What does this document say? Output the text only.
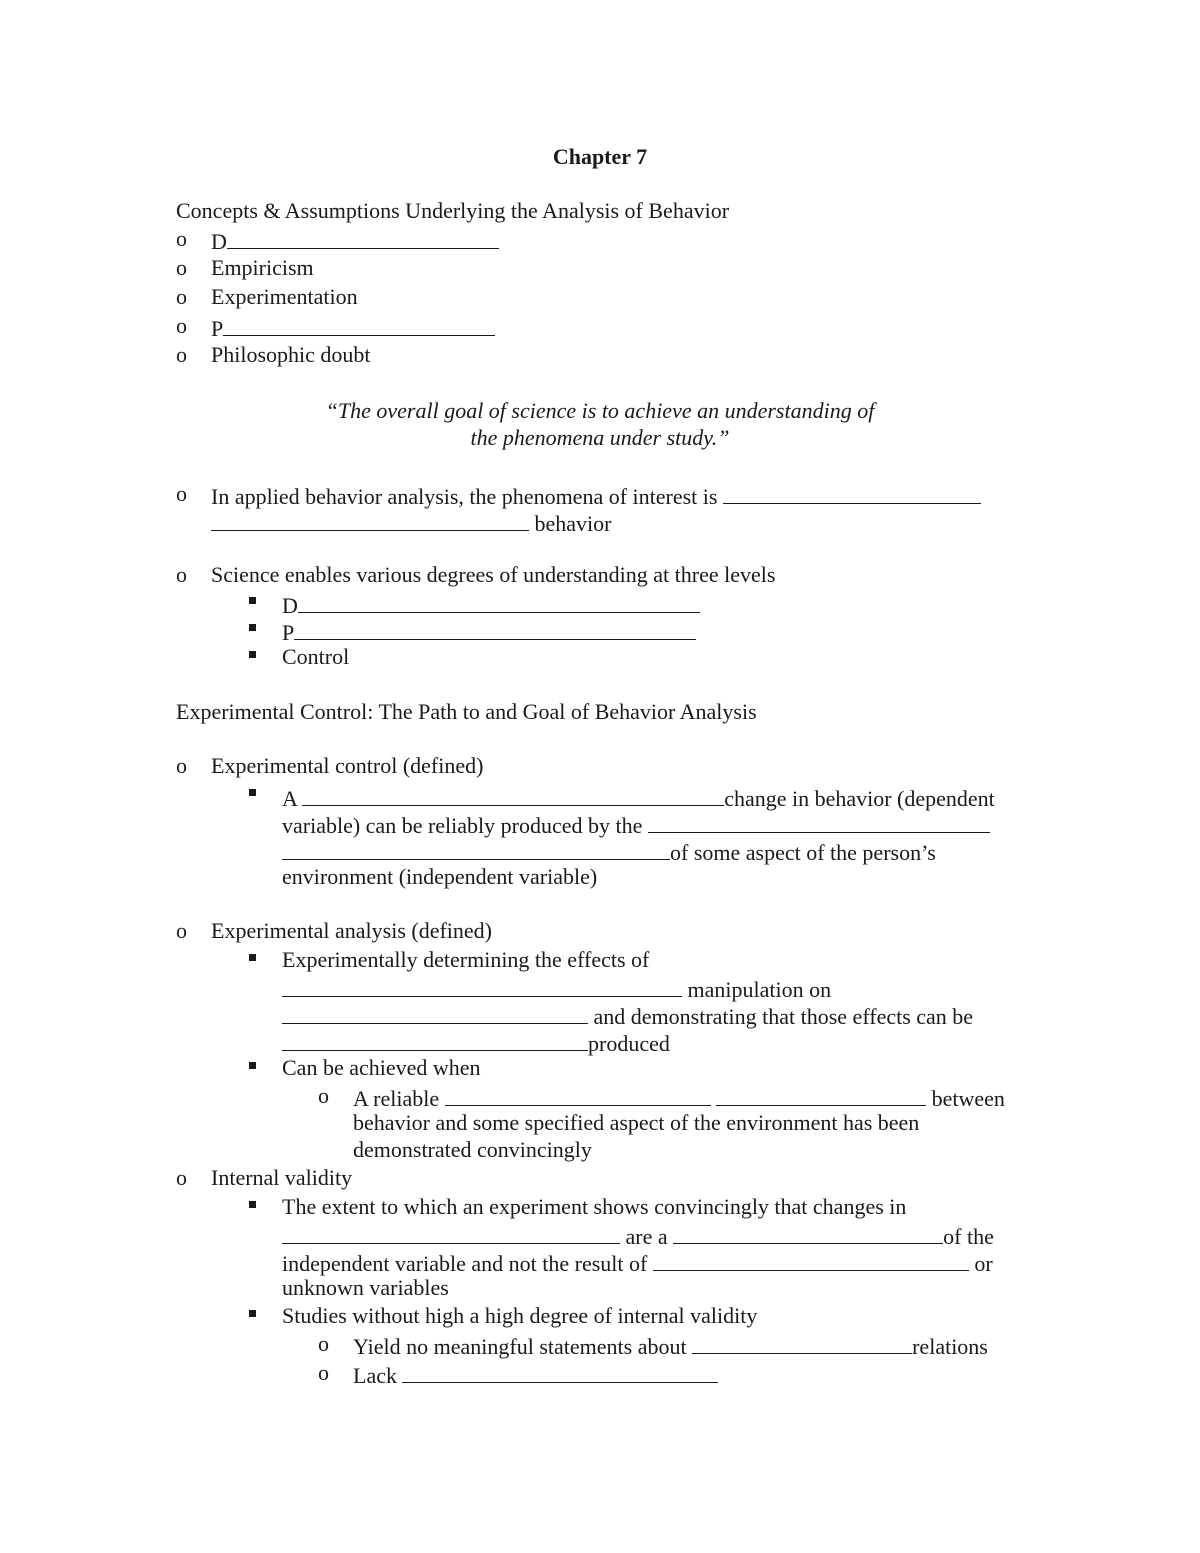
Chapter 7
Concepts & Assumptions Underlying the Analysis of Behavior
o D
o Empiricism
o Experimentation
o P
o Philosophic doubt
“The overall goal of science is to achieve an understanding of
the phenomena under study.”
o In applied behavior analysis, the phenomena of interest is
behavior
o Science enables various degrees of understanding at three levels
D
P
Control
Experimental Control: The Path to and Goal of Behavior Analysis
o Experimental control (defined)
A	change in behavior (dependent
variable) can be reliably produced by the
of some aspect of the person’s
environment (independent variable)
o Experimental analysis (defined)
Experimentally determining the effects of
manipulation on
and demonstrating that those effects can be
produced
Can be achieved when
o A reliable	between
behavior and some specified aspect of the environment has been
demonstrated convincingly
o Internal validity
The extent to which an experiment shows convincingly that changes in
are a	of the
independent variable and not the result of	or
unknown variables
Studies without high a high degree of internal validity
o Yield no meaningful statements about	relations
o Lack
